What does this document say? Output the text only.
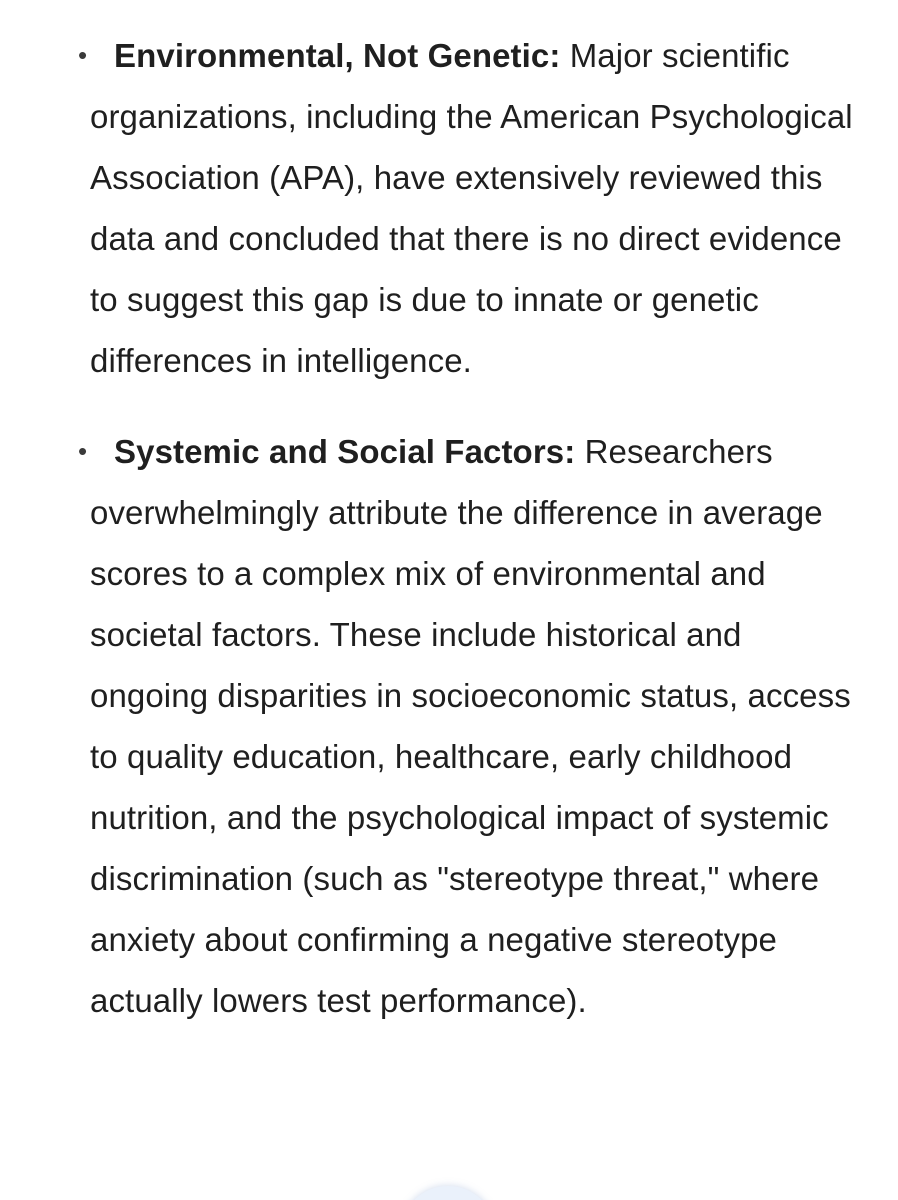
• Environmental, Not Genetic: Major scientific organizations, including the American Psychological Association (APA), have extensively reviewed this data and concluded that there is no direct evidence to suggest this gap is due to innate or genetic differences in intelligence.

• Systemic and Social Factors: Researchers overwhelmingly attribute the difference in average scores to a complex mix of environmental and societal factors. These include historical and ongoing disparities in socioeconomic status, access to quality education, healthcare, early childhood nutrition, and the psychological impact of systemic discrimination (such as "stereotype threat," where anxiety about confirming a negative stereotype actually lowers test performance).
